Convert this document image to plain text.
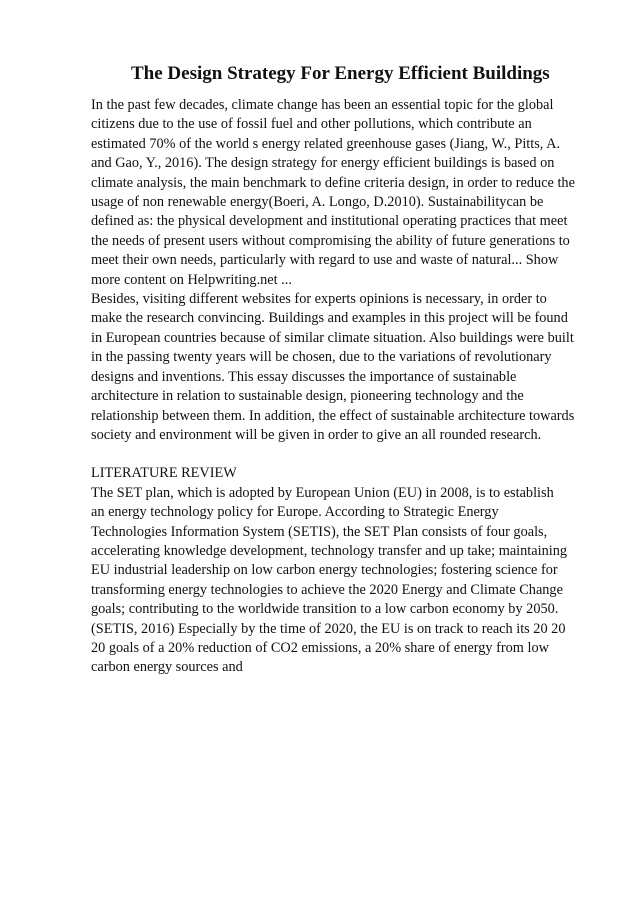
The Design Strategy For Energy Efficient Buildings

In the past few decades, climate change has been an essential topic for the global
citizens due to the use of fossil fuel and other pollutions, which contribute an
estimated 70% of the world s energy related greenhouse gases (Jiang, W., Pitts, A.
and Gao, Y., 2016). The design strategy for energy efficient buildings is based on
climate analysis, the main benchmark to define criteria design, in order to reduce the
usage of non renewable energy(Boeri, A. Longo, D.2010). Sustainabilitycan be
defined as: the physical development and institutional operating practices that meet
the needs of present users without compromising the ability of future generations to
meet their own needs, particularly with regard to use and waste of natural... Show
more content on Helpwriting.net ...

Besides, visiting different websites for experts opinions is necessary, in order to
make the research convincing. Buildings and examples in this project will be found
in European countries because of similar climate situation. Also buildings were built
in the passing twenty years will be chosen, due to the variations of revolutionary
designs and inventions. This essay discusses the importance of sustainable
architecture in relation to sustainable design, pioneering technology and the
relationship between them. In addition, the effect of sustainable architecture towards
society and environment will be given in order to give an all rounded research.

LITERATURE REVIEW

The SET plan, which is adopted by European Union (EU) in 2008, is to establish
an energy technology policy for Europe. According to Strategic Energy
Technologies Information System (SETIS), the SET Plan consists of four goals,
accelerating knowledge development, technology transfer and up take; maintaining
EU industrial leadership on low carbon energy technologies; fostering science for
transforming energy technologies to achieve the 2020 Energy and Climate Change
goals; contributing to the worldwide transition to a low carbon economy by 2050.
(SETIS, 2016) Especially by the time of 2020, the EU is on track to reach its 20 20
20 goals of a 20% reduction of CO2 emissions, a 20% share of energy from low
carbon energy sources and
